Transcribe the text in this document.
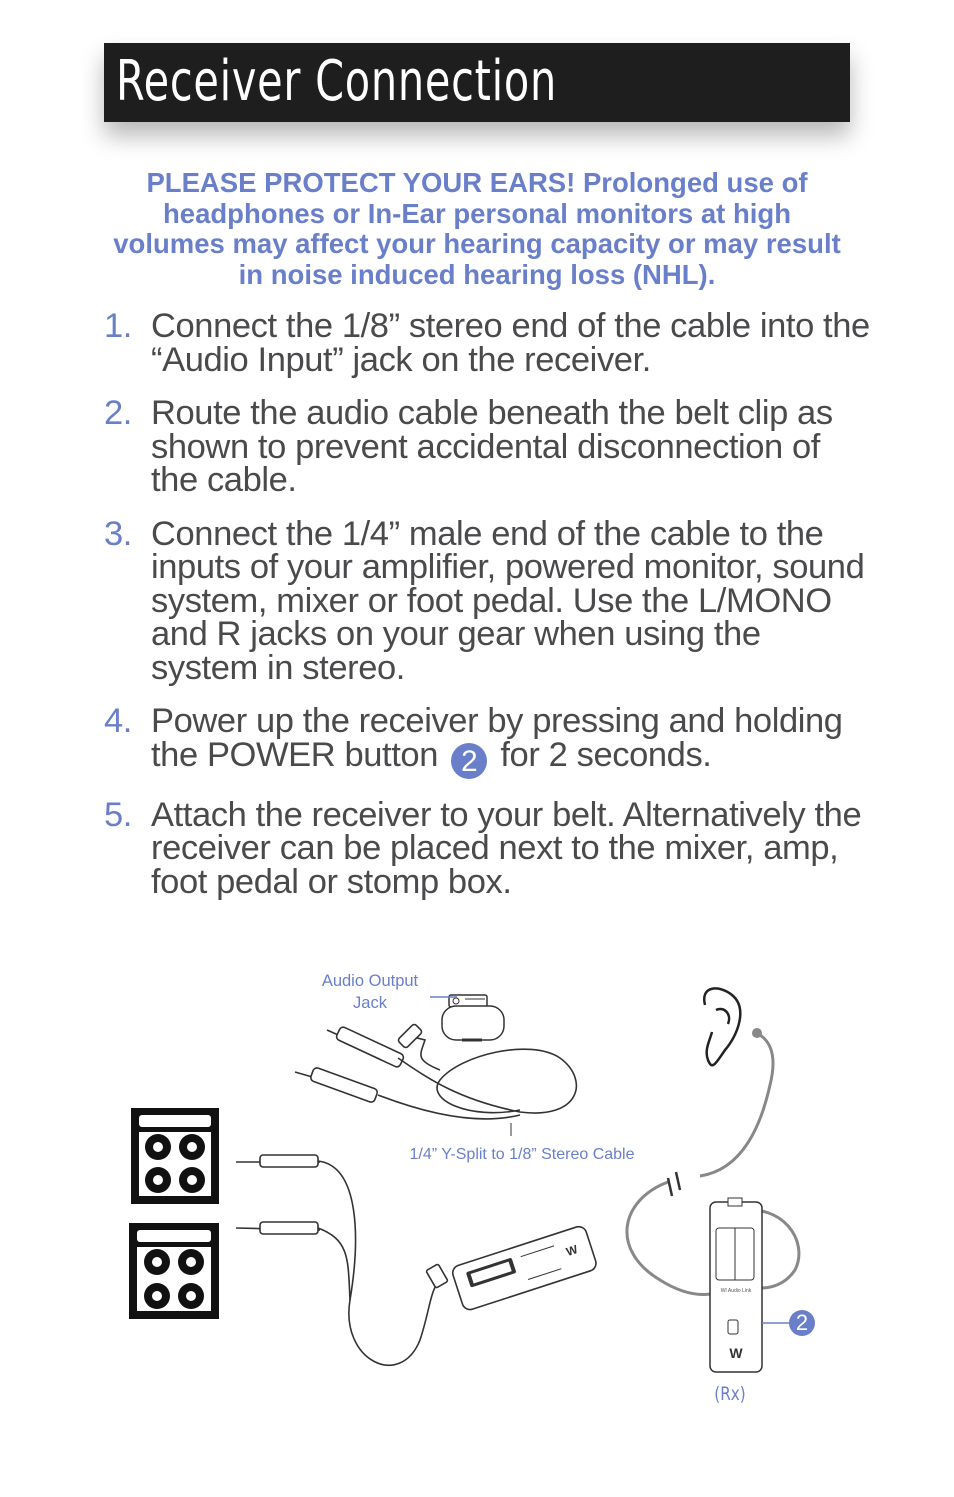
Receiver Connection
PLEASE PROTECT YOUR EARS! Prolonged use of headphones or In-Ear personal monitors at high volumes may affect your hearing capacity or may result in noise induced hearing loss (NHL).
1. Connect the 1/8” stereo end of the cable into the “Audio Input” jack on the receiver.
2. Route the audio cable beneath the belt clip as shown to prevent accidental disconnection of the cable.
3. Connect the 1/4” male end of the cable to the inputs of your amplifier, powered monitor, sound system, mixer or foot pedal. Use the L/MONO and R jacks on your gear when using the system in stereo.
4. Power up the receiver by pressing and holding the POWER button 2 for 2 seconds.
5. Attach the receiver to your belt. Alternatively the receiver can be placed next to the mixer, amp, foot pedal or stomp box.
W
WI Audio Link
W
Audio Output
Jack
1/4” Y-Split to 1/8” Stereo Cable
2
(Rx)
